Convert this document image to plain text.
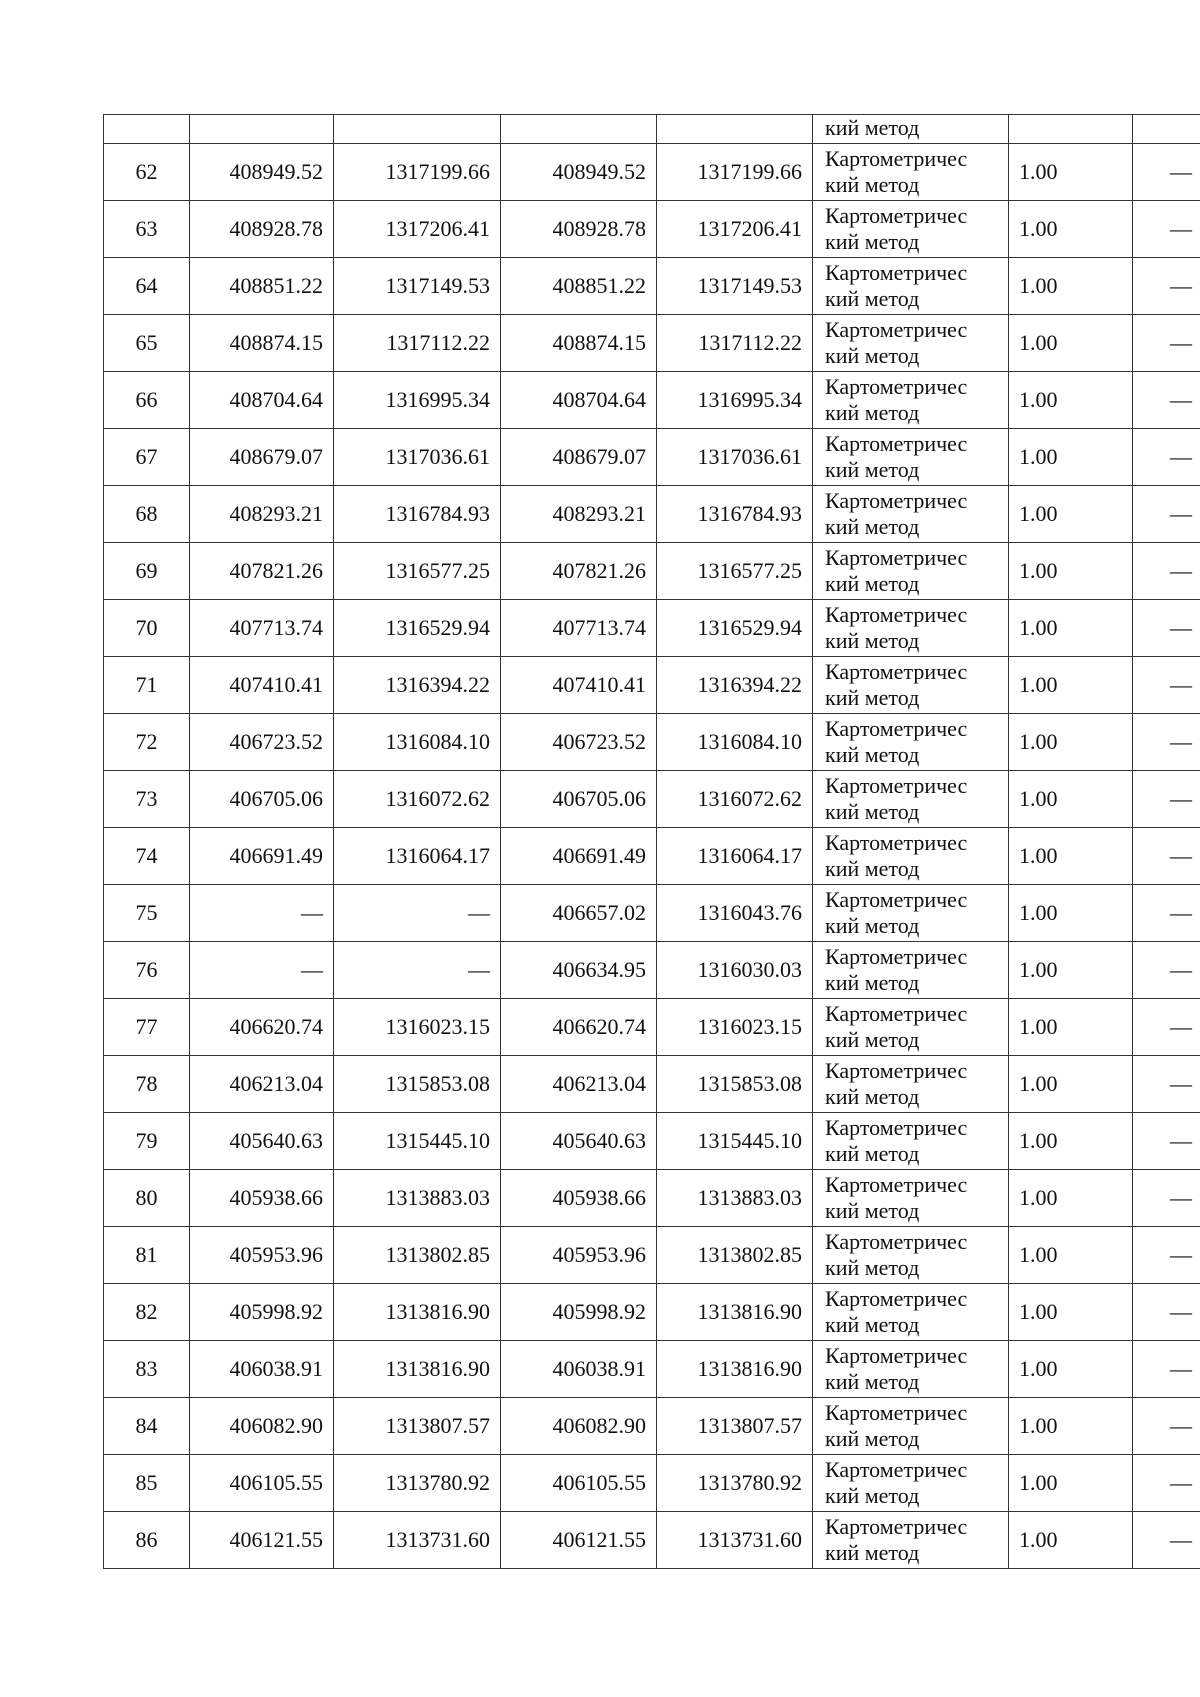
					кий метод		

62	408949.52	1317199.66	408949.52	1317199.66	Картометричес
кий метод	1.00	—
63	408928.78	1317206.41	408928.78	1317206.41	Картометричес
кий метод	1.00	—
64	408851.22	1317149.53	408851.22	1317149.53	Картометричес
кий метод	1.00	—
65	408874.15	1317112.22	408874.15	1317112.22	Картометричес
кий метод	1.00	—
66	408704.64	1316995.34	408704.64	1316995.34	Картометричес
кий метод	1.00	—
67	408679.07	1317036.61	408679.07	1317036.61	Картометричес
кий метод	1.00	—
68	408293.21	1316784.93	408293.21	1316784.93	Картометричес
кий метод	1.00	—
69	407821.26	1316577.25	407821.26	1316577.25	Картометричес
кий метод	1.00	—
70	407713.74	1316529.94	407713.74	1316529.94	Картометричес
кий метод	1.00	—
71	407410.41	1316394.22	407410.41	1316394.22	Картометричес
кий метод	1.00	—
72	406723.52	1316084.10	406723.52	1316084.10	Картометричес
кий метод	1.00	—
73	406705.06	1316072.62	406705.06	1316072.62	Картометричес
кий метод	1.00	—
74	406691.49	1316064.17	406691.49	1316064.17	Картометричес
кий метод	1.00	—
75	—	—	406657.02	1316043.76	Картометричес
кий метод	1.00	—
76	—	—	406634.95	1316030.03	Картометричес
кий метод	1.00	—
77	406620.74	1316023.15	406620.74	1316023.15	Картометричес
кий метод	1.00	—
78	406213.04	1315853.08	406213.04	1315853.08	Картометричес
кий метод	1.00	—
79	405640.63	1315445.10	405640.63	1315445.10	Картометричес
кий метод	1.00	—
80	405938.66	1313883.03	405938.66	1313883.03	Картометричес
кий метод	1.00	—
81	405953.96	1313802.85	405953.96	1313802.85	Картометричес
кий метод	1.00	—
82	405998.92	1313816.90	405998.92	1313816.90	Картометричес
кий метод	1.00	—
83	406038.91	1313816.90	406038.91	1313816.90	Картометричес
кий метод	1.00	—
84	406082.90	1313807.57	406082.90	1313807.57	Картометричес
кий метод	1.00	—
85	406105.55	1313780.92	406105.55	1313780.92	Картометричес
кий метод	1.00	—
86	406121.55	1313731.60	406121.55	1313731.60	Картометричес
кий метод	1.00	—
